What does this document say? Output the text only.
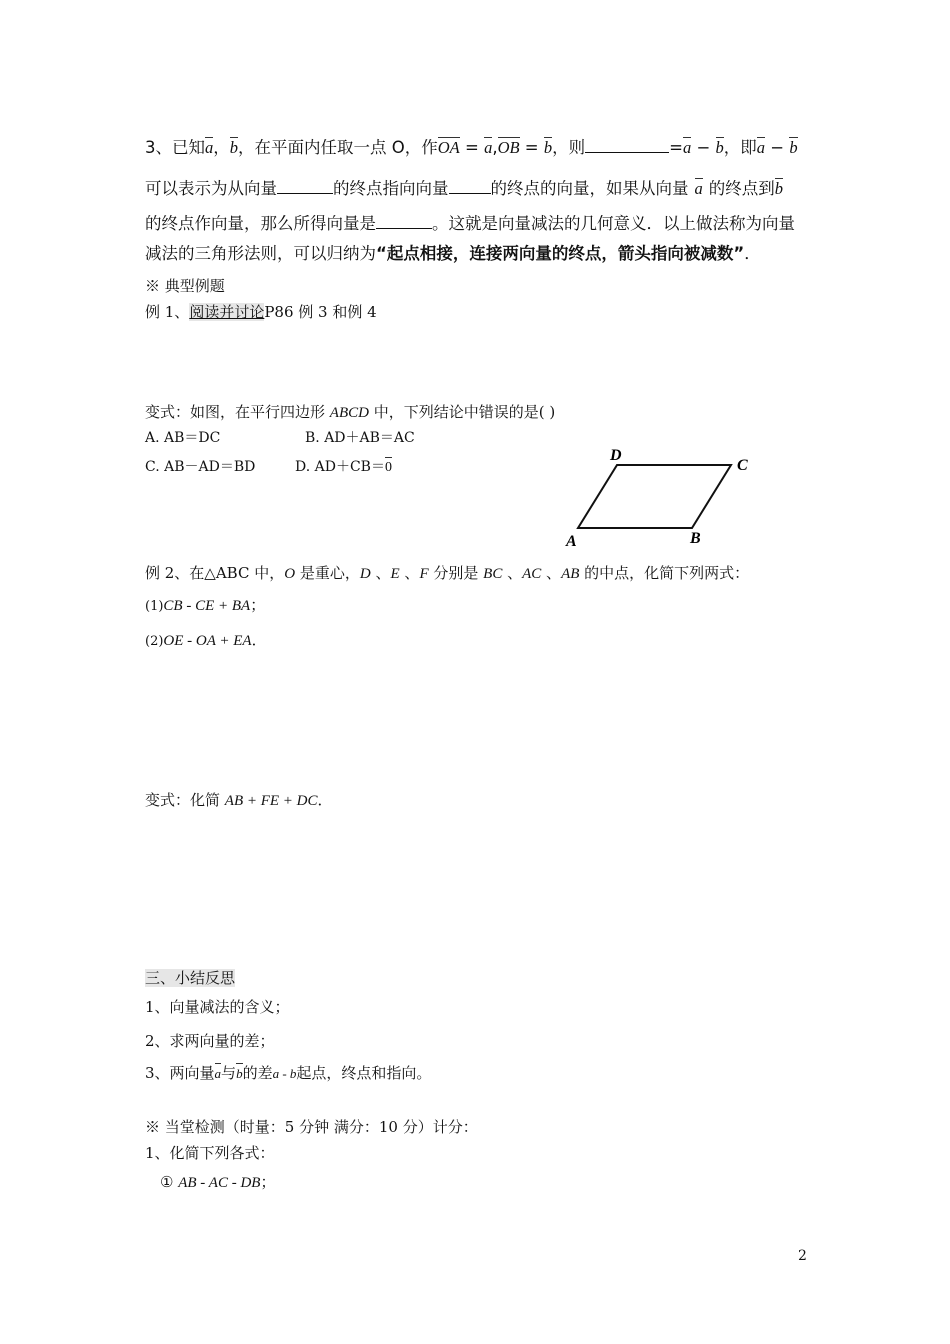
3、已知a，b，在平面内任取一点 O，作OA = a,OB = b，则	=a − b，即a − b
可以表示为从向量	的终点指向向量	的终点的向量，如果从向量 a 的终点到b
的终点作向量，那么所得向量是	。这就是向量减法的几何意义．以上做法称为向量
减法的三角形法则，可以归纳为“起点相接，连接两向量的终点，箭头指向被减数”．
※ 典型例题
例 1、阅读并讨论P86 例 3 和例 4
变式：如图，在平行四边形 ABCD 中，下列结论中错误的是( )
A. AB＝DC	B. AD＋AB＝AC
C. AB－AD＝BD	D. AD＋CB＝0
D
C
A	B
例 2、在△ABC 中，O 是重心，D 、E 、F 分别是 BC 、AC 、AB 的中点，化简下列两式：
(1)CB - CE + BA；
(2)OE - OA + EA．
变式：化简 AB + FE + DC．
三、小结反思
1、向量减法的含义；
2、求两向量的差；
3、两向量a与b的差a - b起点，终点和指向。
※ 当堂检测（时量：5 分钟 满分：10 分）计分：
1、化简下列各式：
① AB - AC - DB；
2
